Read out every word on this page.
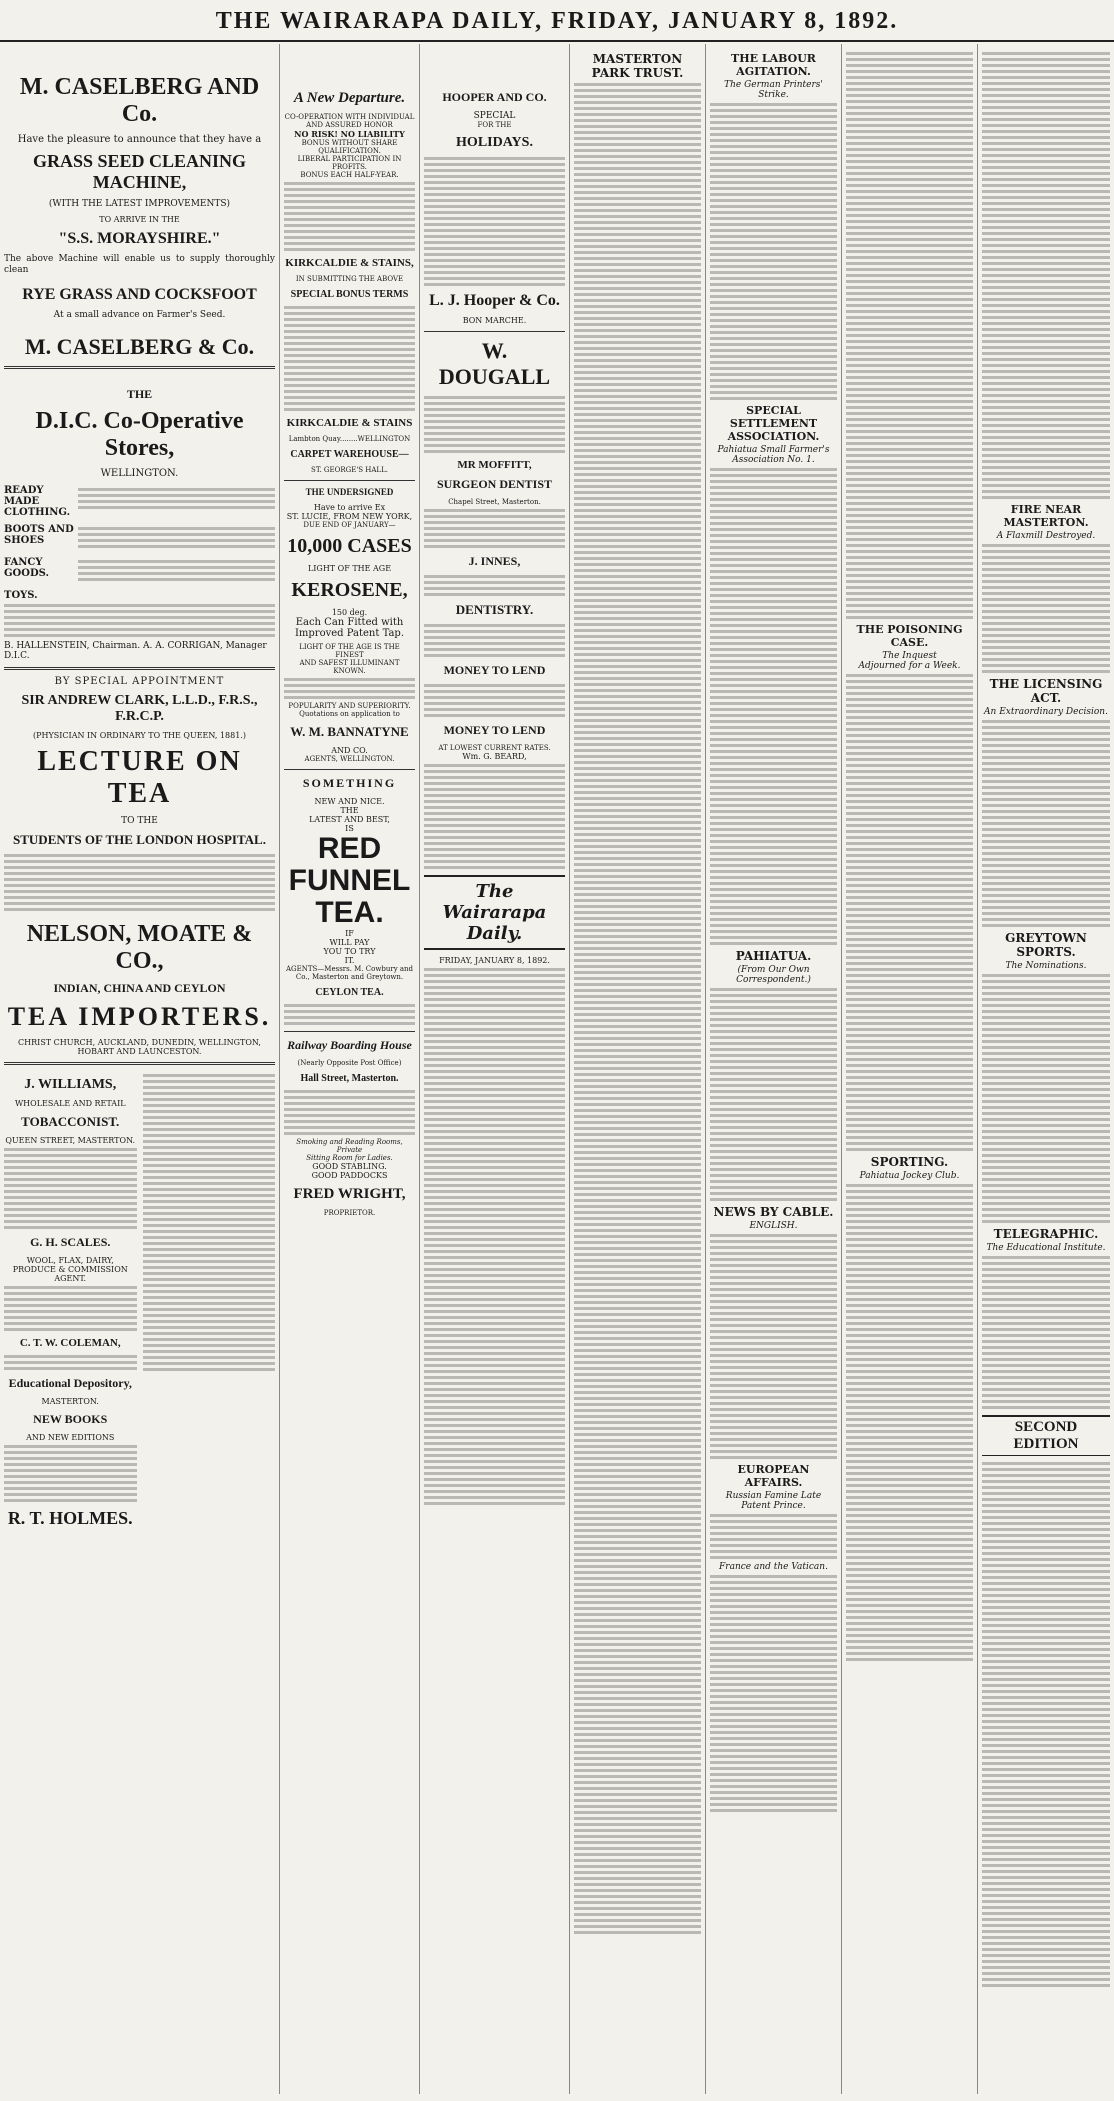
THE WAIRARAPA DAILY, FRIDAY, JANUARY 8, 1892.
M. CASELBERG AND Co.
Have the pleasure to announce that they have a
GRASS SEED CLEANING MACHINE,
(WITH THE LATEST IMPROVEMENTS)
TO ARRIVE IN THE
"S.S. MORAYSHIRE."
The above Machine will enable us to supply thoroughly clean
RYE GRASS AND COCKSFOOT
At a small advance on Farmer's Seed.
M. CASELBERG & Co.
THE
D.I.C. Co-Operative Stores,
WELLINGTON.
READY MADE CLOTHING.
BOOTS AND SHOES
FANCY GOODS.
TOYS.
B. HALLENSTEIN, Chairman. A. A. CORRIGAN, Manager D.I.C.
BY SPECIAL APPOINTMENT
SIR ANDREW CLARK, L.L.D., F.R.S., F.R.C.P.
(PHYSICIAN IN ORDINARY TO THE QUEEN, 1881.)
LECTURE ON TEA
TO THE
STUDENTS OF THE LONDON HOSPITAL.
NELSON, MOATE & CO.,
INDIAN, CHINA AND CEYLON
TEA IMPORTERS.
CHRIST CHURCH, AUCKLAND, DUNEDIN, WELLINGTON, HOBART AND LAUNCESTON.
J. WILLIAMS,
WHOLESALE AND RETAIL
TOBACCONIST.
QUEEN STREET, MASTERTON.
G. H. SCALES.
WOOL, FLAX, DAIRY, PRODUCE & COMMISSION AGENT.
C. T. W. COLEMAN,
Educational Depository,
MASTERTON.
NEW BOOKS
AND NEW EDITIONS
R. T. HOLMES.
A New Departure.
CO-OPERATION WITH INDIVIDUAL AND ASSURED HONOR
NO RISK! NO LIABILITY
BONUS WITHOUT SHARE QUALIFICATION.
LIBERAL PARTICIPATION IN PROFITS.
BONUS EACH HALF-YEAR.
KIRKCALDIE & STAINS,
IN SUBMITTING THE ABOVE
SPECIAL BONUS TERMS
KIRKCALDIE & STAINS
Lambton Quay........WELLINGTON
CARPET WAREHOUSE—
ST. GEORGE'S HALL.
THE UNDERSIGNED
Have to arrive Ex
ST. LUCIE, FROM NEW YORK,
DUE END OF JANUARY—
10,000 CASES
LIGHT OF THE AGE
KEROSENE,
150 deg.
Each Can Fitted with
Improved Patent Tap.
LIGHT OF THE AGE IS THE FINEST
AND SAFEST ILLUMINANT KNOWN.
POPULARITY AND SUPERIORITY.
Quotations on application to
W. M. BANNATYNE
AND CO.
AGENTS, WELLINGTON.
SOMETHING
NEW AND NICE.
THE
LATEST AND BEST,
IS
RED FUNNEL
TEA.
IF
WILL PAY
YOU TO TRY
IT.
AGENTS—Messrs. M. Cowbury and
Co., Masterton and Greytown.
CEYLON TEA.
Railway Boarding House
(Nearly Opposite Post Office)
Hall Street, Masterton.
Smoking and Reading Rooms, Private
Sitting Room for Ladies.
GOOD STABLING.
GOOD PADDOCKS
FRED WRIGHT,
PROPRIETOR.
HOOPER AND CO.
SPECIAL
FOR THE
HOLIDAYS.
L. J. Hooper & Co.
BON MARCHE.
W. DOUGALL
MR MOFFITT,
SURGEON DENTIST
Chapel Street, Masterton.
J. INNES,
DENTISTRY.
MONEY TO LEND
MONEY TO LEND
AT LOWEST CURRENT RATES.
Wm. G. BEARD,
The Wairarapa Daily.
FRIDAY, JANUARY 8, 1892.
MASTERTON PARK TRUST.
THE LABOUR AGITATION.
The German Printers' Strike.
SPECIAL SETTLEMENT ASSOCIATION.
Pahiatua Small Farmer's Association No. 1.
PAHIATUA.
(From Our Own Correspondent.)
NEWS BY CABLE.
ENGLISH.
EUROPEAN AFFAIRS.
Russian Famine Late Patent Prince.
France and the Vatican.
THE POISONING CASE.
The Inquest
Adjourned for a Week.
SPORTING.
Pahiatua Jockey Club.
FIRE NEAR MASTERTON.
A Flaxmill Destroyed.
THE LICENSING ACT.
An Extraordinary Decision.
GREYTOWN SPORTS.
The Nominations.
TELEGRAPHIC.
The Educational Institute.
SECOND EDITION
